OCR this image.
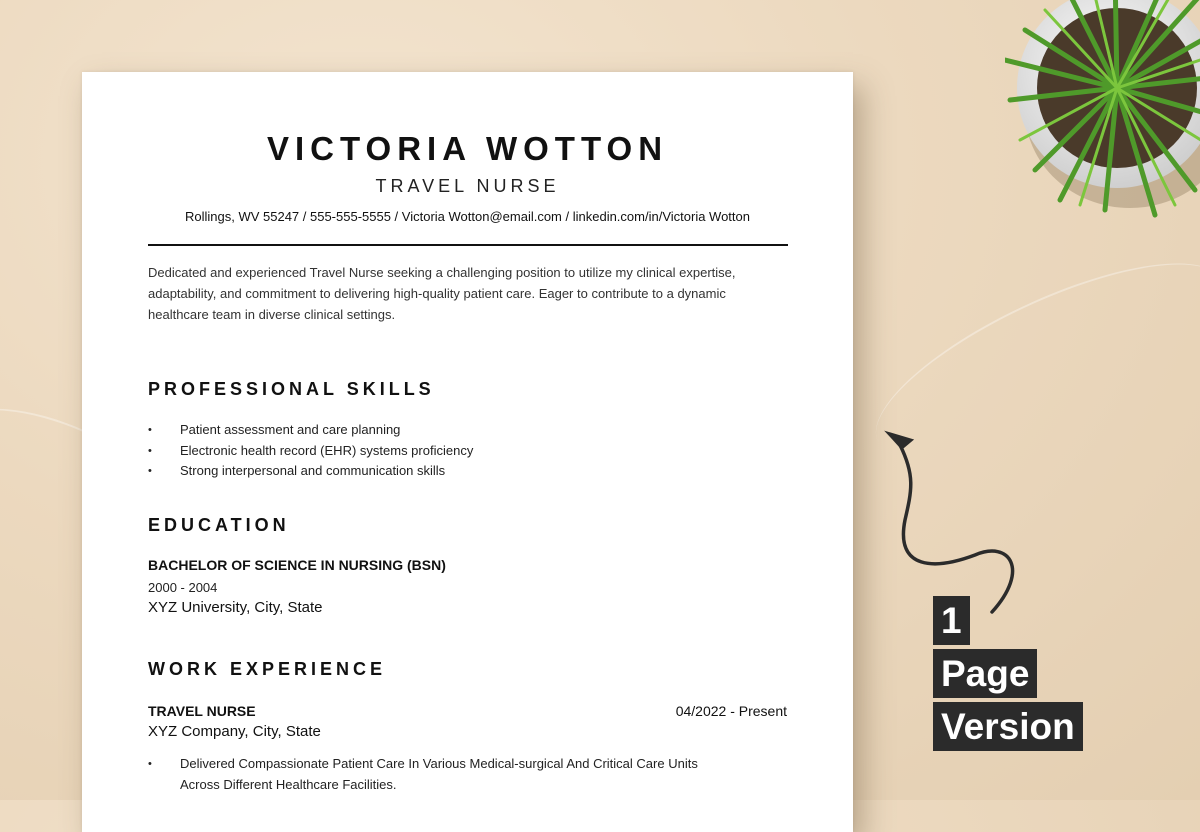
VICTORIA WOTTON
TRAVEL NURSE
Rollings, WV 55247 / 555-555-5555 / Victoria Wotton@email.com / linkedin.com/in/Victoria Wotton
Dedicated and experienced Travel Nurse seeking a challenging position to utilize my clinical expertise, adaptability, and commitment to delivering high-quality patient care. Eager to contribute to a dynamic healthcare team in diverse clinical settings.
PROFESSIONAL SKILLS
• Patient assessment and care planning
• Electronic health record (EHR) systems proficiency
• Strong interpersonal and communication skills
EDUCATION
BACHELOR OF SCIENCE IN NURSING (BSN)
2000 - 2004
XYZ University, City, State
WORK EXPERIENCE
TRAVEL NURSE	04/2022 - Present
XYZ Company, City, State
• Delivered Compassionate Patient Care In Various Medical-surgical And Critical Care Units Across Different Healthcare Facilities.
1
Page
Version
